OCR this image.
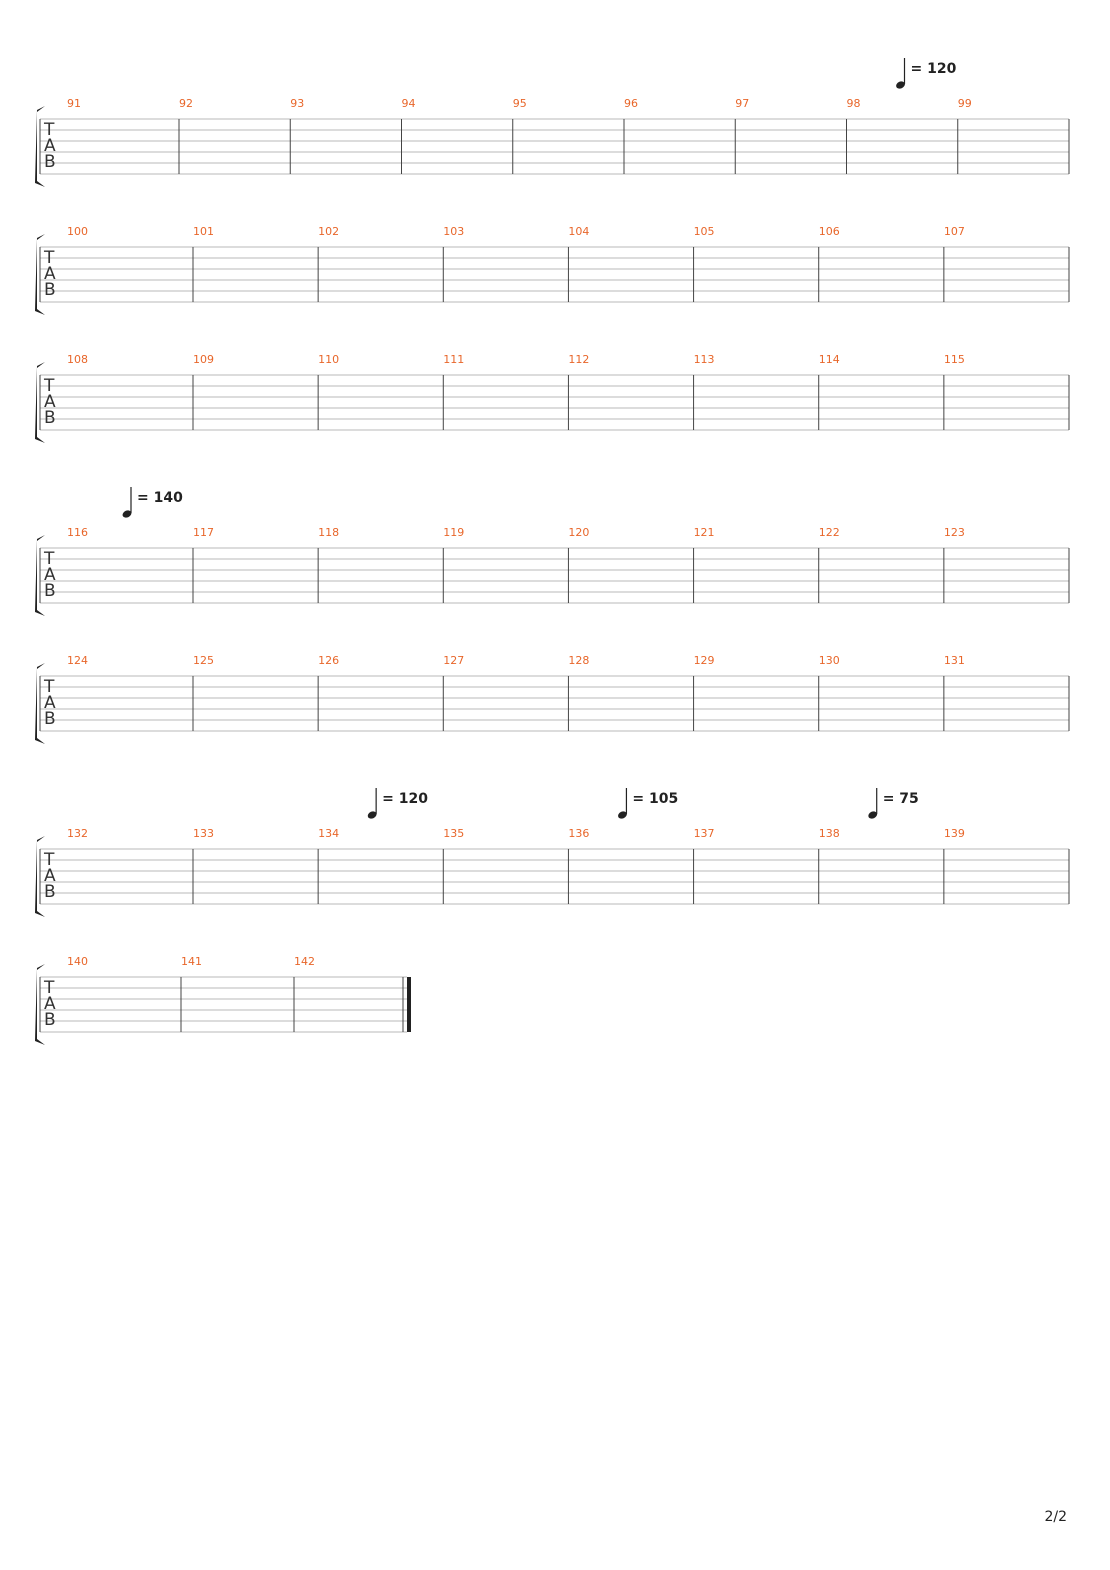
T
A
B
91	92	93	94	95	96	97	98	99
= 120
T
A
B
100	101	102	103	104	105	106	107
T
A
B
108	109	110	111	112	113	114	115
T
A
B
116	117	118	119	120	121	122	123
= 140
T
A
B
124	125	126	127	128	129	130	131
T
A
B
132	133	134	135	136	137	138	139
= 120	= 105	= 75
T
A
B
140	141	142
2/2
